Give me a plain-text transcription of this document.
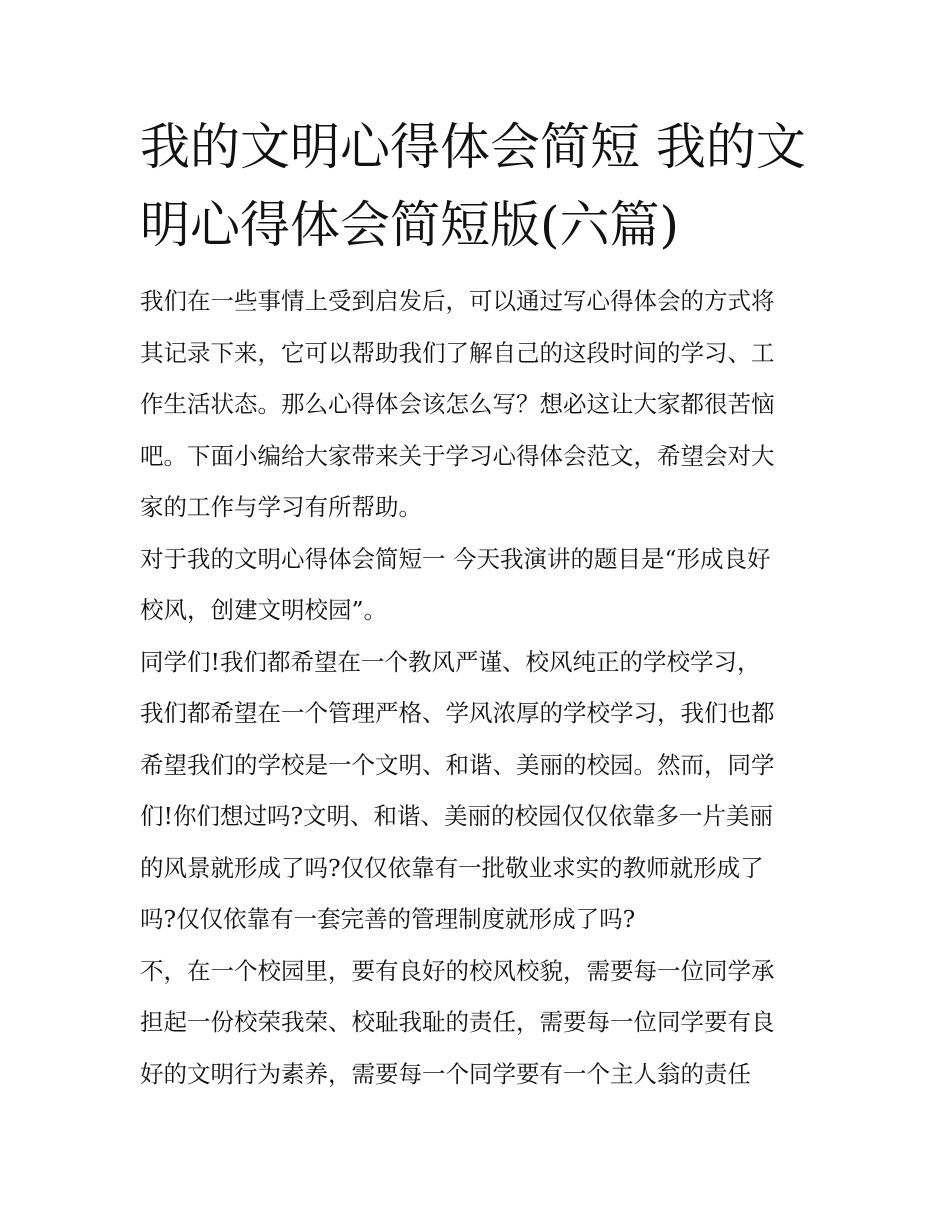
我的文明心得体会简短 我的文
明心得体会简短版(六篇)
我们在一些事情上受到启发后，可以通过写心得体会的方式将
其记录下来，它可以帮助我们了解自己的这段时间的学习、工
作生活状态。那么心得体会该怎么写？想必这让大家都很苦恼
吧。下面小编给大家带来关于学习心得体会范文，希望会对大
家的工作与学习有所帮助。
对于我的文明心得体会简短一 今天我演讲的题目是“形成良好
校风，创建文明校园”。
同学们!我们都希望在一个教风严谨、校风纯正的学校学习，
我们都希望在一个管理严格、学风浓厚的学校学习，我们也都
希望我们的学校是一个文明、和谐、美丽的校园。然而，同学
们!你们想过吗?文明、和谐、美丽的校园仅仅依靠多一片美丽
的风景就形成了吗?仅仅依靠有一批敬业求实的教师就形成了
吗?仅仅依靠有一套完善的管理制度就形成了吗?
不，在一个校园里，要有良好的校风校貌，需要每一位同学承
担起一份校荣我荣、校耻我耻的责任，需要每一位同学要有良
好的文明行为素养，需要每一个同学要有一个主人翁的责任
